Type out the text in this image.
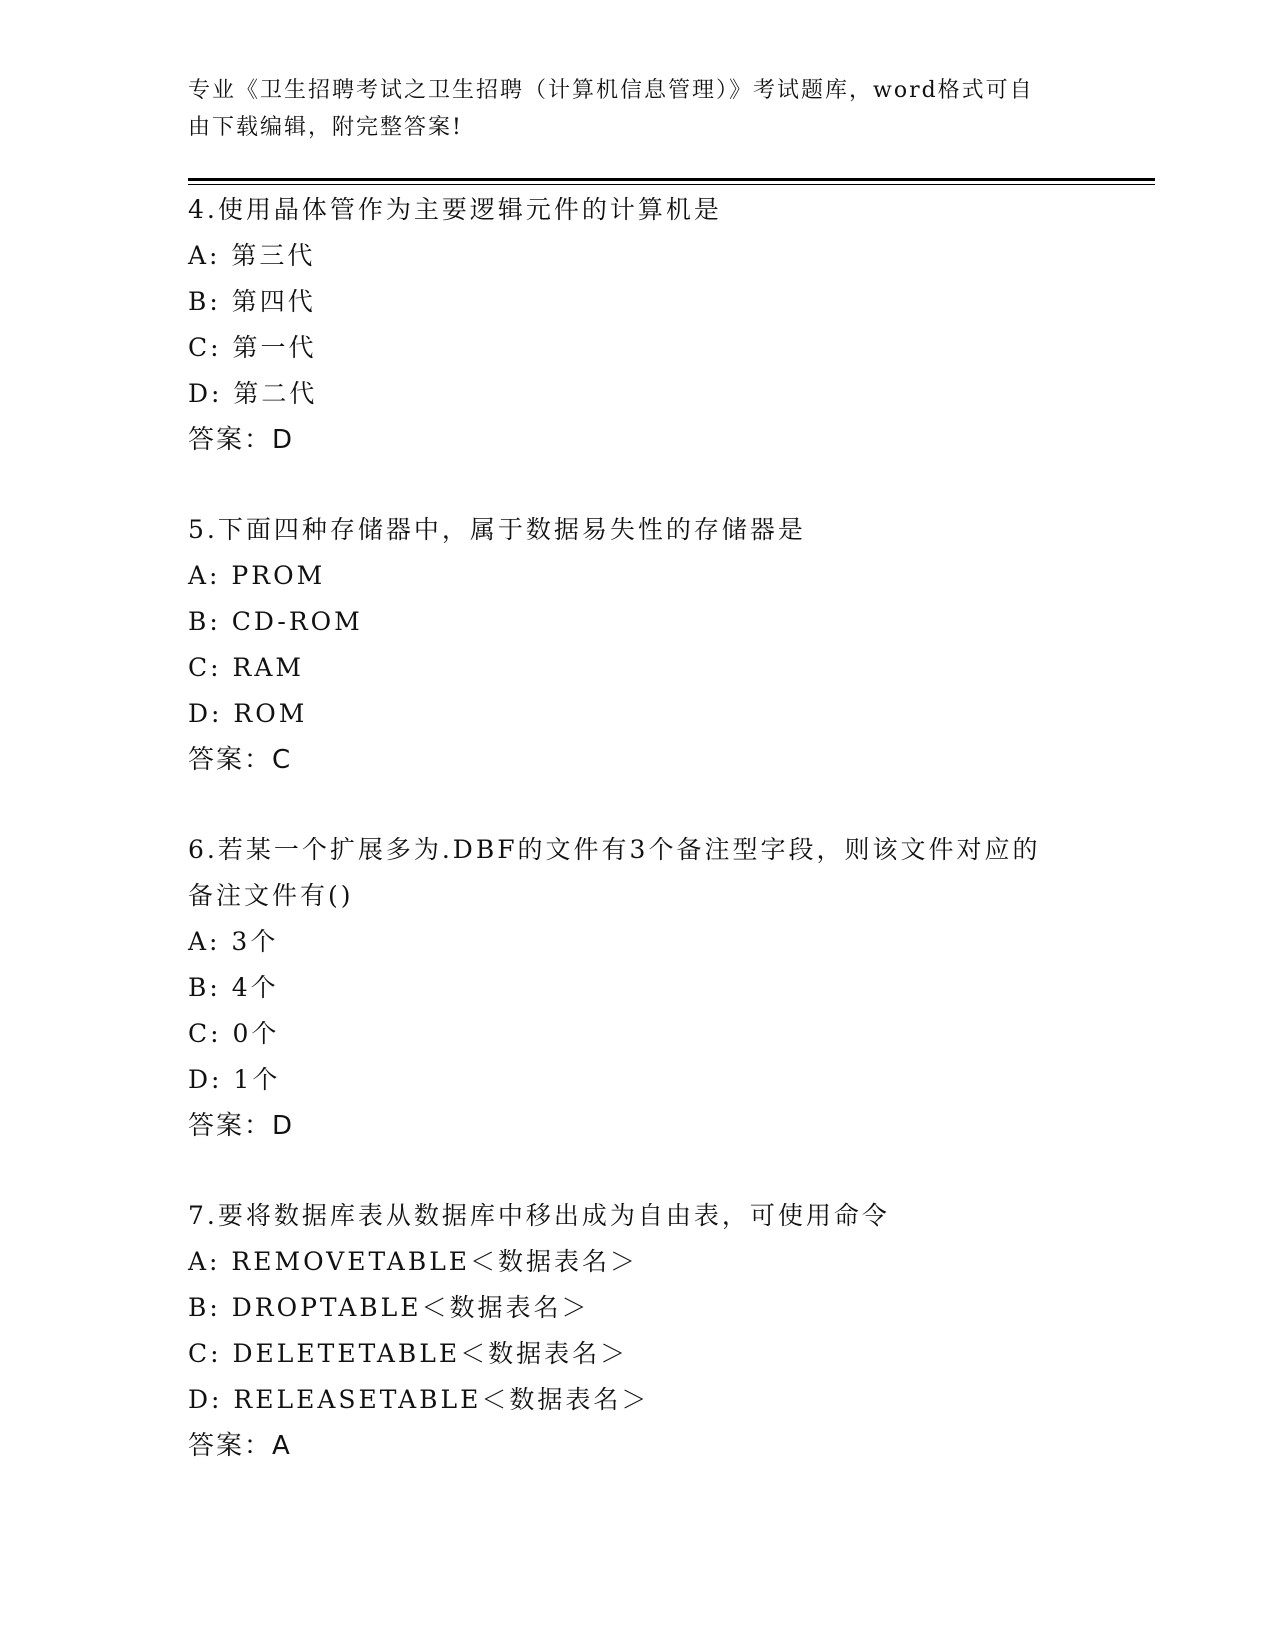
专业《卫生招聘考试之卫生招聘（计算机信息管理）》考试题库，word格式可自
由下载编辑，附完整答案!
4.使用晶体管作为主要逻辑元件的计算机是
A: 第三代
B: 第四代
C: 第一代
D: 第二代
答案：D
5.下面四种存储器中，属于数据易失性的存储器是
A: PROM
B: CD-ROM
C: RAM
D: ROM
答案：C
6.若某一个扩展多为.DBF的文件有3个备注型字段，则该文件对应的
备注文件有()
A: 3个
B: 4个
C: 0个
D: 1个
答案：D
7.要将数据库表从数据库中移出成为自由表，可使用命令
A: REMOVETABLE＜数据表名＞
B: DROPTABLE＜数据表名＞
C: DELETETABLE＜数据表名＞
D: RELEASETABLE＜数据表名＞
答案：A
